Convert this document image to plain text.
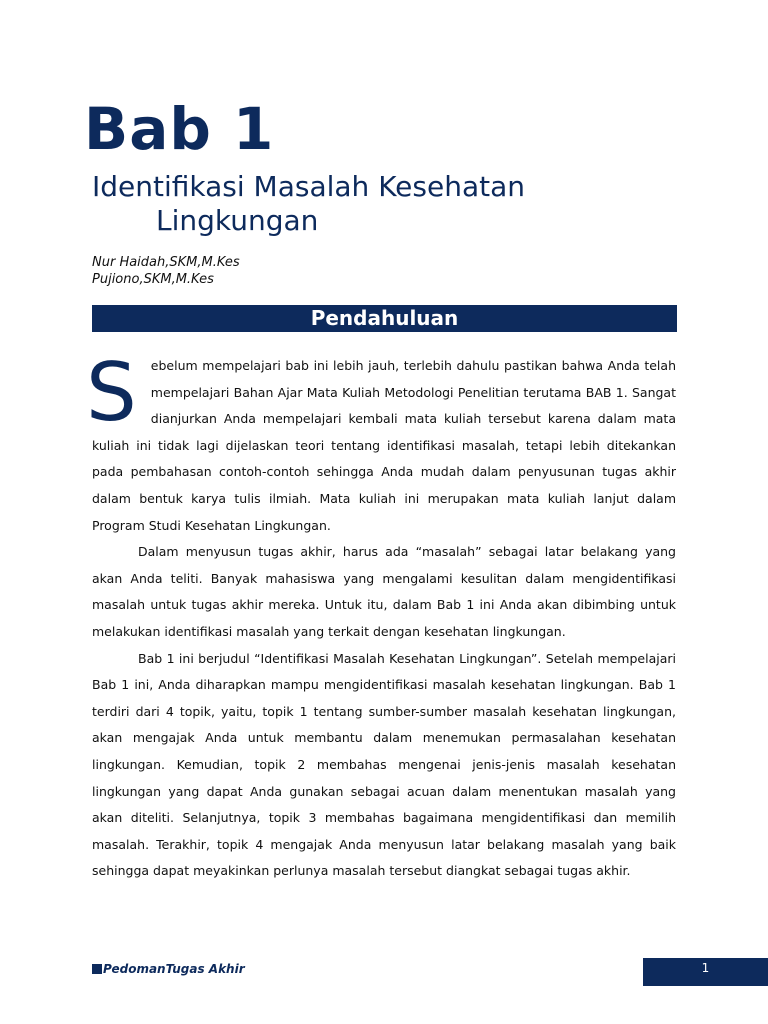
Bab 1
Identifikasi Masalah Kesehatan
Lingkungan
Nur Haidah,SKM,M.Kes
Pujiono,SKM,M.Kes
Pendahuluan

S ebelum mempelajari bab ini lebih jauh, terlebih dahulu pastikan bahwa Anda telah mempelajari Bahan Ajar Mata Kuliah Metodologi Penelitian terutama BAB 1. Sangat dianjurkan Anda mempelajari kembali mata kuliah tersebut karena dalam mata kuliah ini tidak lagi dijelaskan teori tentang identifikasi masalah, tetapi lebih ditekankan pada pembahasan contoh-contoh sehingga Anda mudah dalam penyusunan tugas akhir dalam bentuk karya tulis ilmiah. Mata kuliah ini merupakan mata kuliah lanjut dalam Program Studi Kesehatan Lingkungan.

Dalam menyusun tugas akhir, harus ada “masalah” sebagai latar belakang yang akan Anda teliti. Banyak mahasiswa yang mengalami kesulitan dalam mengidentifikasi masalah untuk tugas akhir mereka. Untuk itu, dalam Bab 1 ini Anda akan dibimbing untuk melakukan identifikasi masalah yang terkait dengan kesehatan lingkungan.

Bab 1 ini berjudul “Identifikasi Masalah Kesehatan Lingkungan”. Setelah mempelajari Bab 1 ini, Anda diharapkan mampu mengidentifikasi masalah kesehatan lingkungan. Bab 1 terdiri dari 4 topik, yaitu, topik 1 tentang sumber-sumber masalah kesehatan lingkungan, akan mengajak Anda untuk membantu dalam menemukan permasalahan kesehatan lingkungan. Kemudian, topik 2 membahas mengenai jenis-jenis masalah kesehatan lingkungan yang dapat Anda gunakan sebagai acuan dalam menentukan masalah yang akan diteliti. Selanjutnya, topik 3 membahas bagaimana mengidentifikasi dan memilih masalah. Terakhir, topik 4 mengajak Anda menyusun latar belakang masalah yang baik sehingga dapat meyakinkan perlunya masalah tersebut diangkat sebagai tugas akhir.

PedomanTugas Akhir	1
